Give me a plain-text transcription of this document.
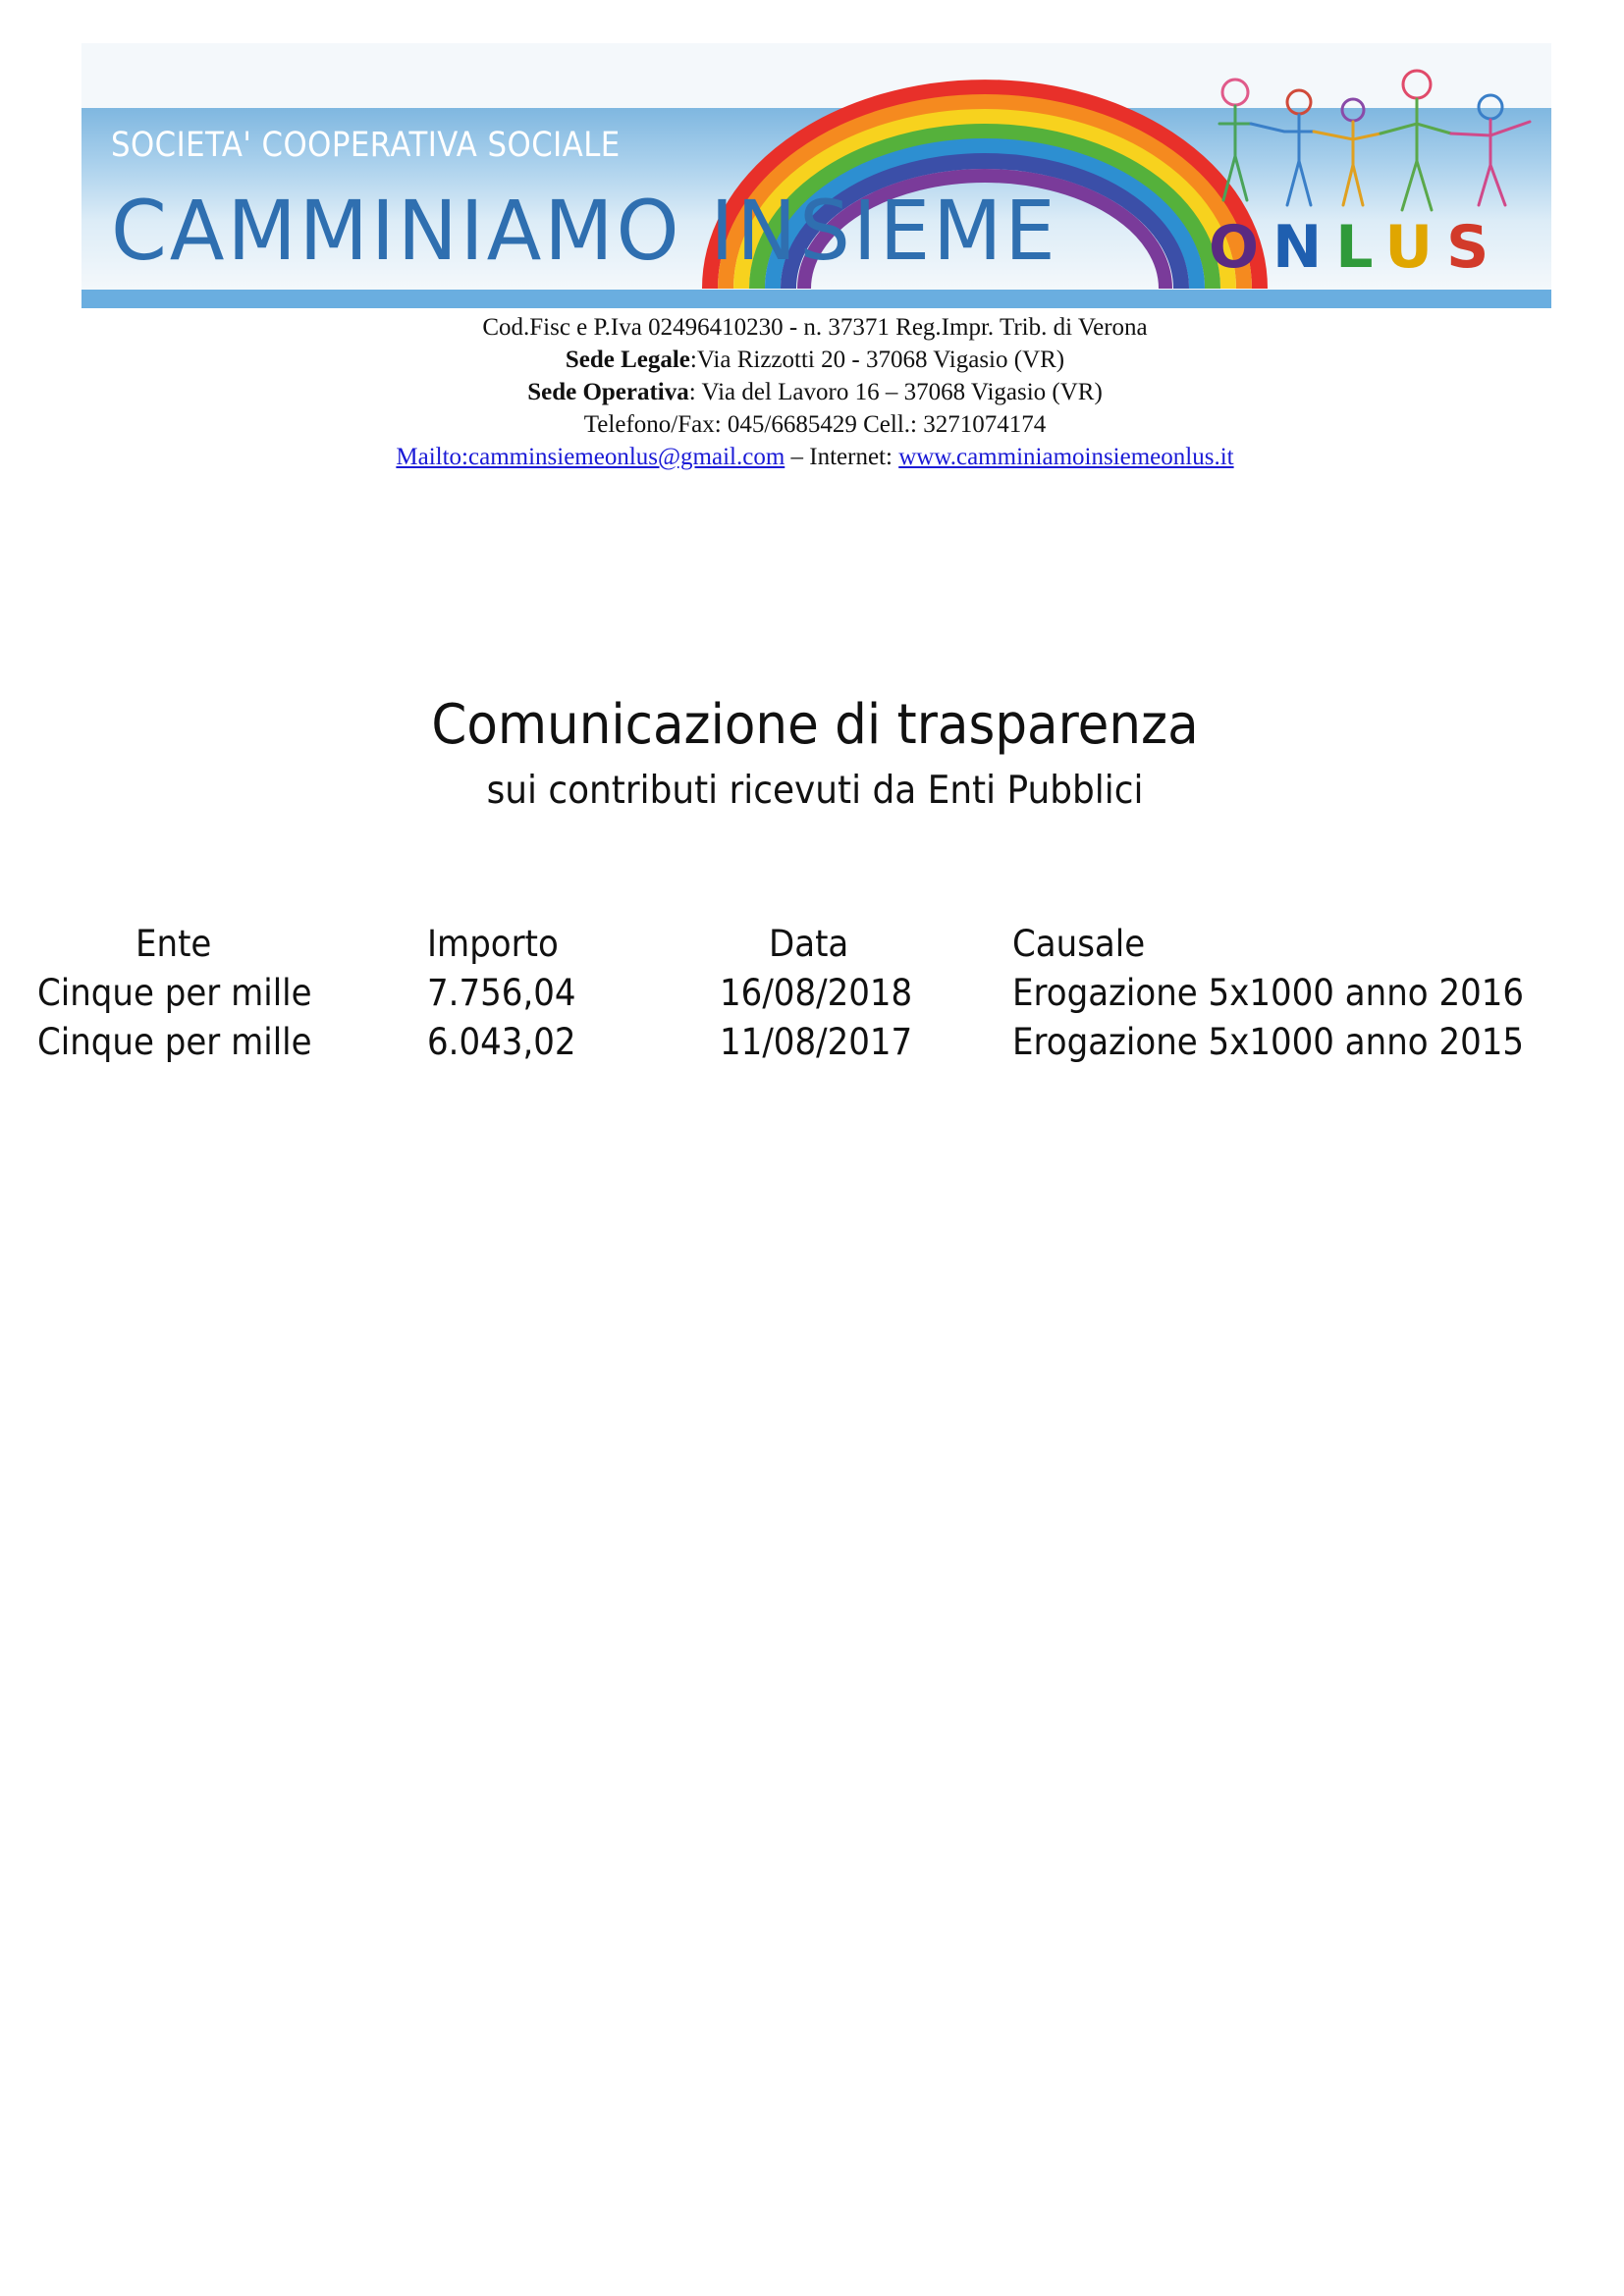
SOCIETA' COOPERATIVA SOCIALE
CAMMINIAMO INSIEME	ONLUS
Cod.Fisc e P.Iva 02496410230 - n. 37371 Reg.Impr. Trib. di Verona
Sede Legale:Via Rizzotti 20 - 37068 Vigasio (VR)
Sede Operativa: Via del Lavoro 16 – 37068 Vigasio (VR)
Telefono/Fax: 045/6685429 Cell.: 3271074174
Mailto:camminsiemeonlus@gmail.com – Internet: www.camminiamoinsiemeonlus.it
Comunicazione di trasparenza
sui contributi ricevuti da Enti Pubblici
Ente	Importo	Data	Causale
Cinque per mille	7.756,04	16/08/2018	Erogazione 5x1000 anno 2016
Cinque per mille	6.043,02	11/08/2017	Erogazione 5x1000 anno 2015
